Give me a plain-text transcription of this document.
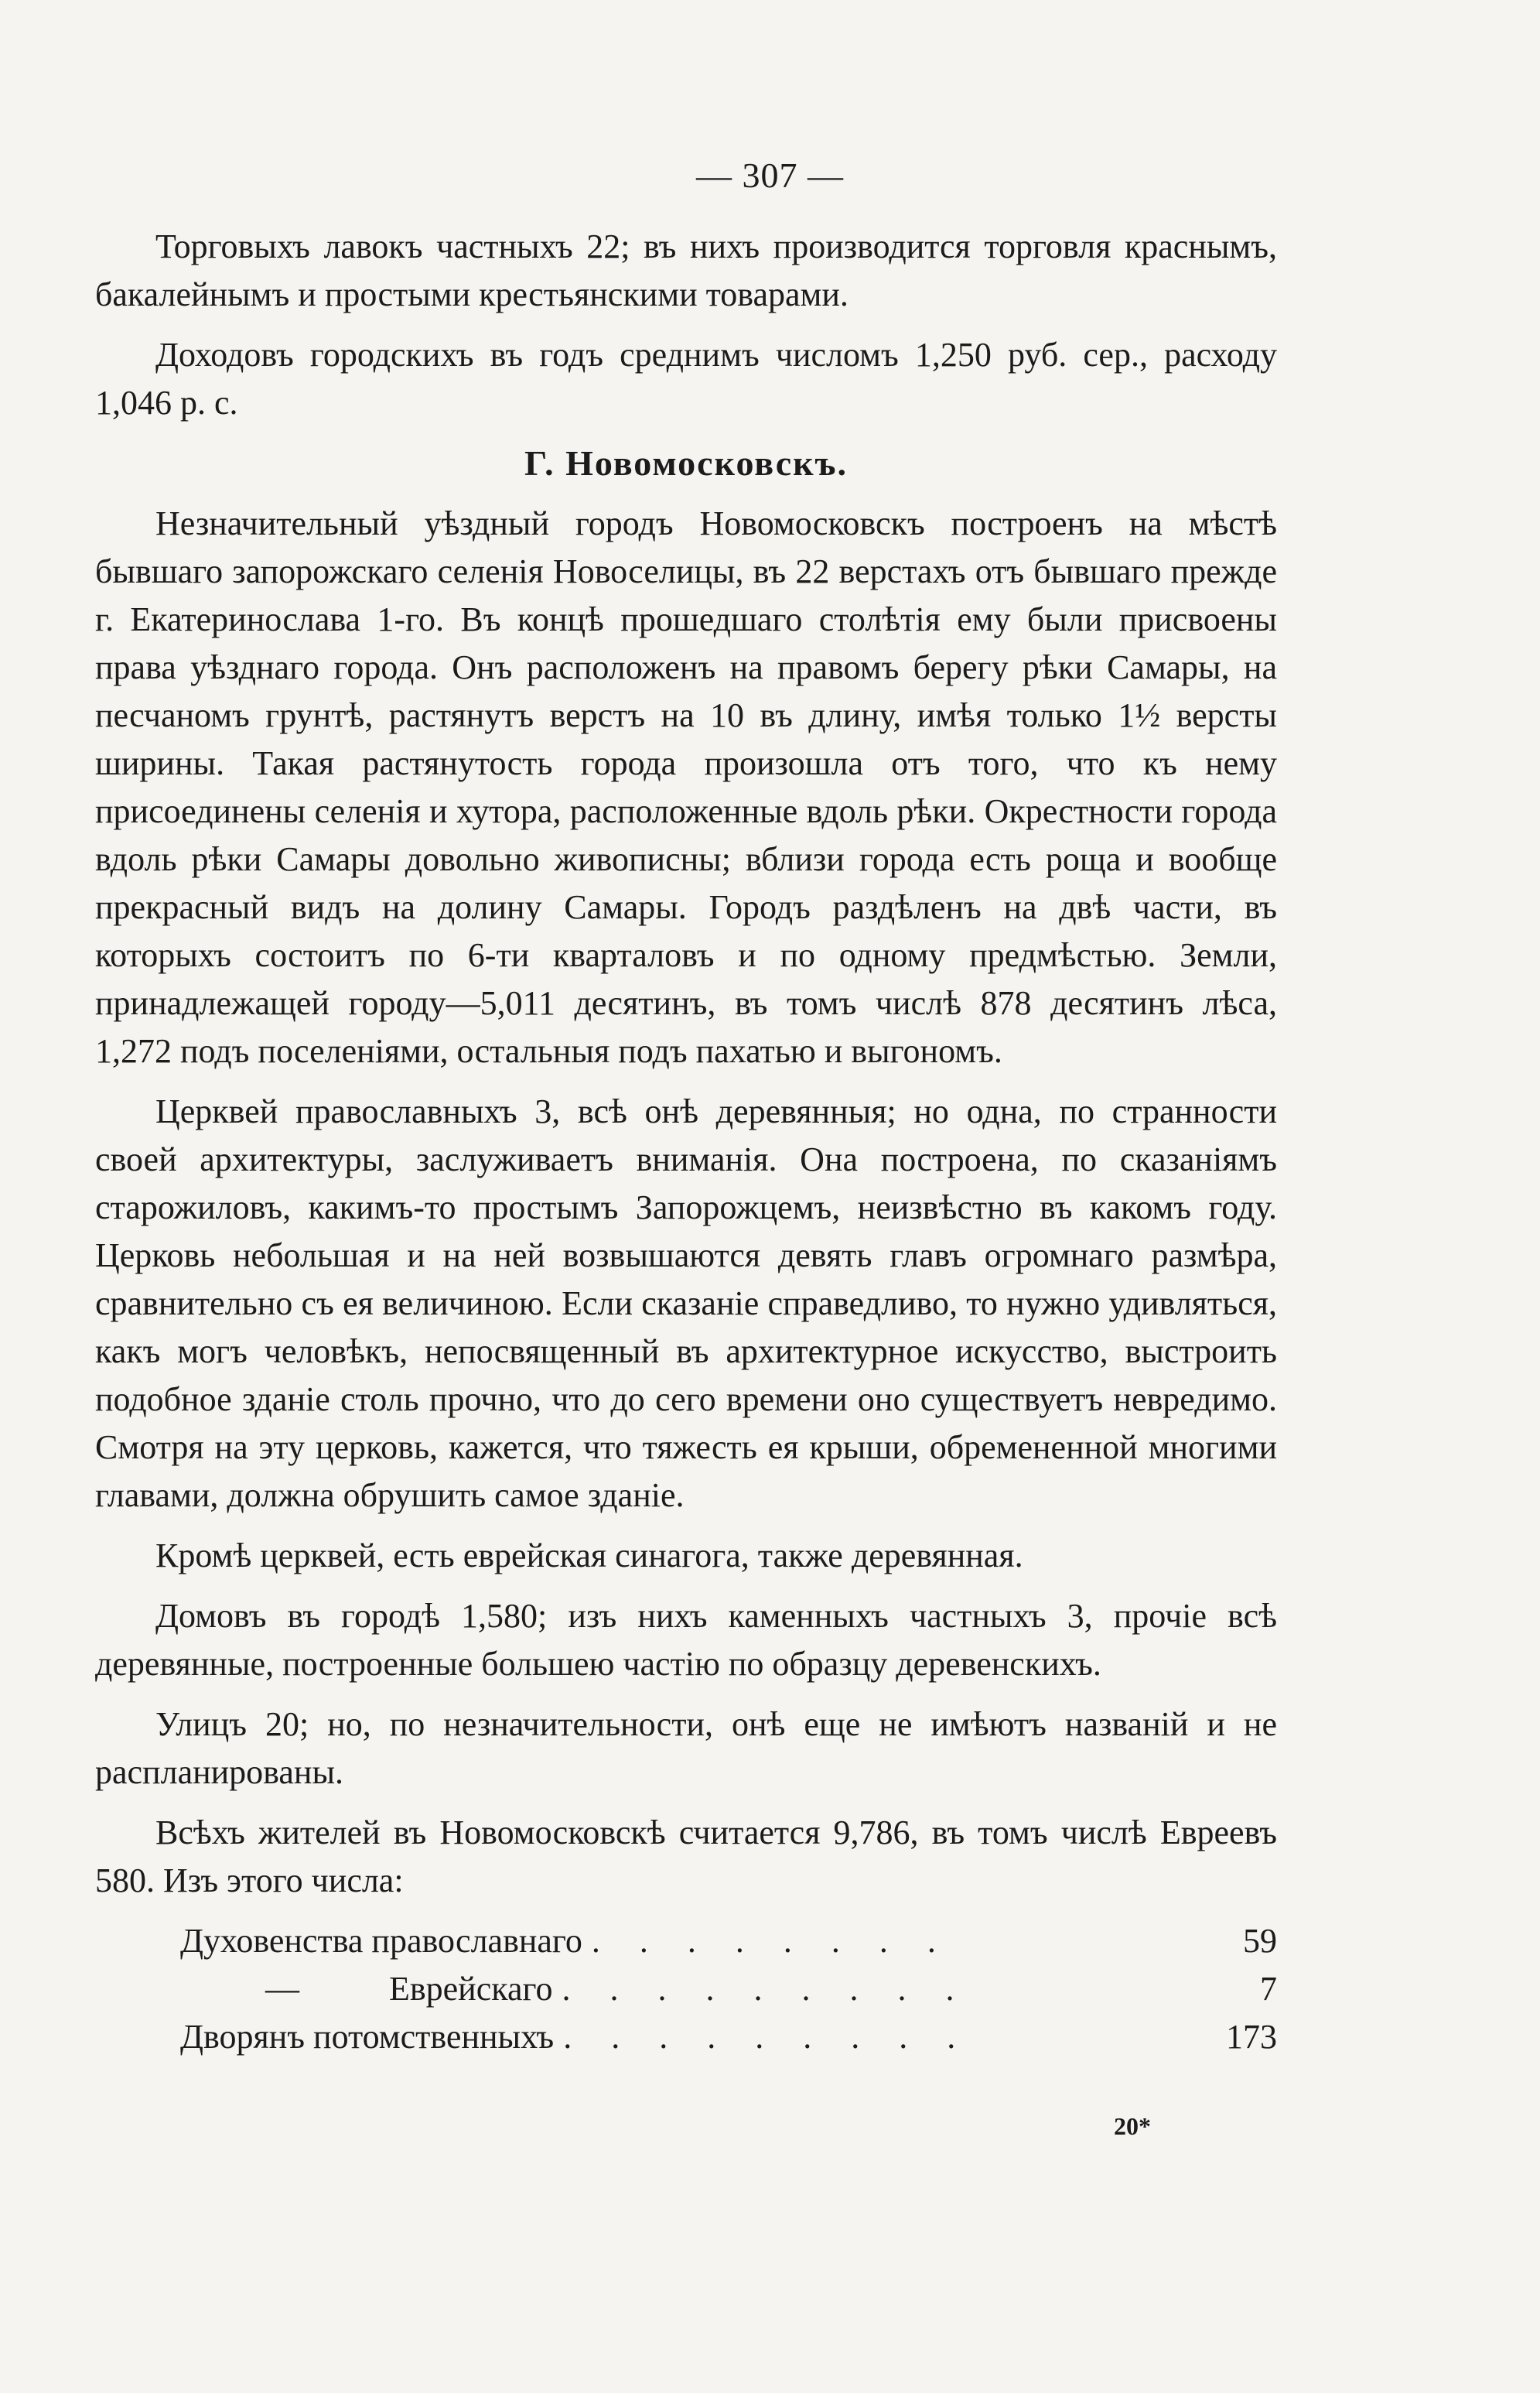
— 307 —

Торговыхъ лавокъ частныхъ 22; въ нихъ производится торговля краснымъ, бакалейнымъ и простыми крестьянскими товарами.

Доходовъ городскихъ въ годъ среднимъ числомъ 1,250 руб. сер., расходу 1,046 р. с.

Г. Новомосковскъ.

Незначительный уѣздный городъ Новомосковскъ построенъ на мѣстѣ бывшаго запорожскаго селенія Новоселицы, въ 22 верстахъ отъ бывшаго прежде г. Екатеринослава 1-го. Въ концѣ прошедшаго столѣтія ему были присвоены права уѣзднаго города. Онъ расположенъ на правомъ берегу рѣки Самары, на песчаномъ грунтѣ, растянутъ верстъ на 10 въ длину, имѣя только 1½ версты ширины. Такая растянутость города произошла отъ того, что къ нему присоединены селенія и хутора, расположенные вдоль рѣки. Окрестности города вдоль рѣки Самары довольно живописны; вблизи города есть роща и вообще прекрасный видъ на долину Самары. Городъ раздѣленъ на двѣ части, въ которыхъ состоитъ по 6-ти кварталовъ и по одному предмѣстью. Земли, принадлежащей городу—5,011 десятинъ, въ томъ числѣ 878 десятинъ лѣса, 1,272 подъ поселеніями, остальныя подъ пахатью и выгономъ.

Церквей православныхъ 3, всѣ онѣ деревянныя; но одна, по странности своей архитектуры, заслуживаетъ вниманія. Она построена, по сказаніямъ старожиловъ, какимъ-то простымъ Запорожцемъ, неизвѣстно въ какомъ году. Церковь небольшая и на ней возвышаются девять главъ огромнаго размѣра, сравнительно съ ея величиною. Если сказаніе справедливо, то нужно удивляться, какъ могъ человѣкъ, непосвященный въ архитектурное искусство, выстроить подобное зданіе столь прочно, что до сего времени оно существуетъ невредимо. Смотря на эту церковь, кажется, что тяжесть ея крыши, обремененной многими главами, должна обрушить самое зданіе.

Кромѣ церквей, есть еврейская синагога, также деревянная.

Домовъ въ городѣ 1,580; изъ нихъ каменныхъ частныхъ 3, прочіе всѣ деревянные, построенные большею частію по образцу деревенскихъ.

Улицъ 20; но, по незначительности, онѣ еще не имѣютъ названій и не распланированы.

Всѣхъ жителей въ Новомосковскѣ считается 9,786, въ томъ числѣ Евреевъ 580. Изъ этого числа:

Духовенства православнаго . . . . . . . .	59
—	Еврейскаго . . . . . . . . .	7
Дворянъ потомственныхъ . . . . . . . . .	173
20*
